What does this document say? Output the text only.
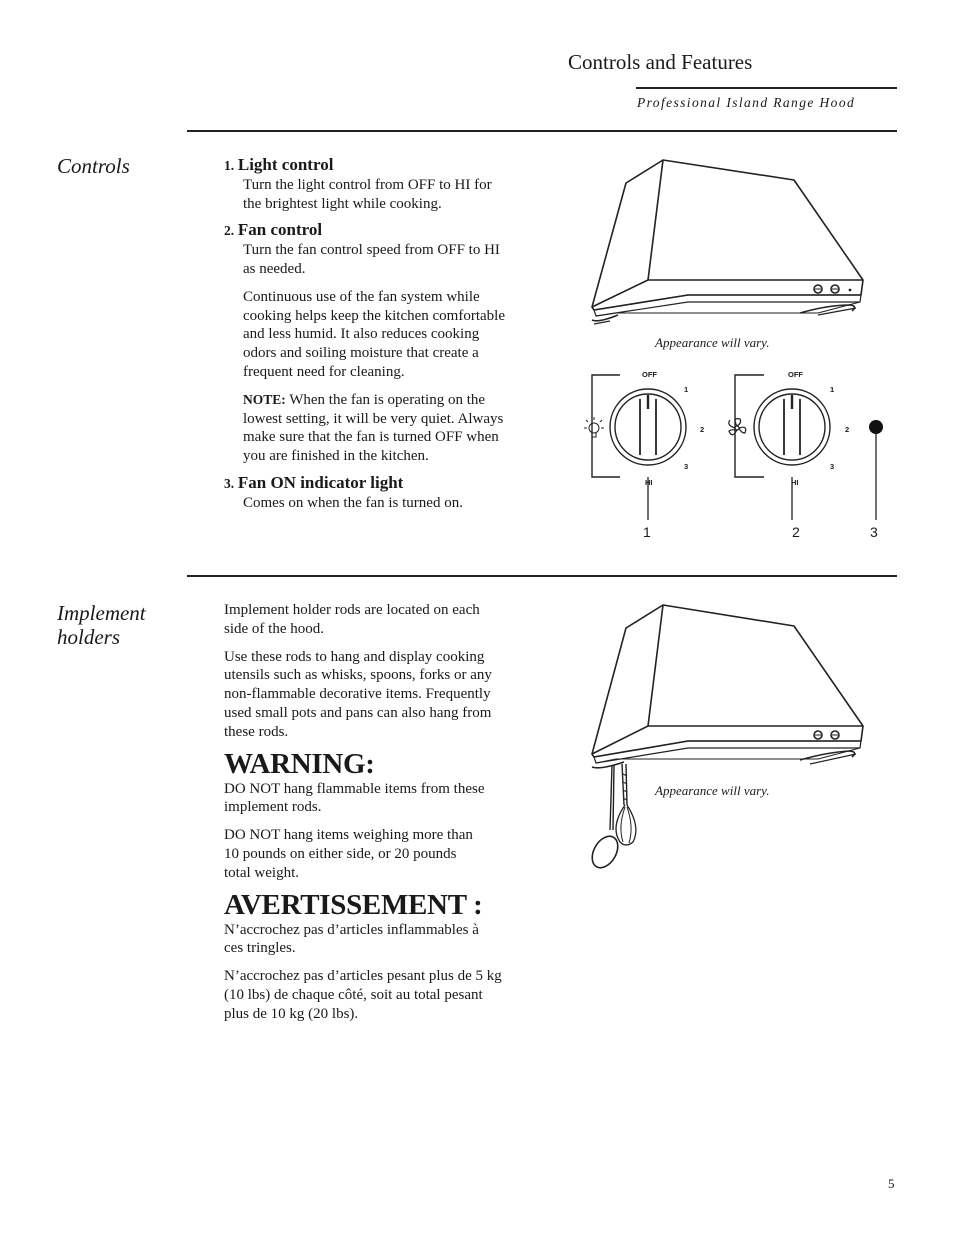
Controls and Features
Professional Island Range Hood
Controls	1. Light control

Turn the light control from OFF to HI for

the brightest light while cooking.

2. Fan control

Turn the fan control speed from OFF to HI

as needed.

Continuous use of the fan system while

cooking helps keep the kitchen comfortable

and less humid. It also reduces cooking

odors and soiling moisture that create a

frequent need for cleaning.

NOTE: When the fan is operating on the

lowest setting, it will be very quiet. Always

make sure that the fan is turned OFF when

you are finished in the kitchen.

3. Fan ON indicator light

Comes on when the fan is turned on.

Appearance will vary.
OFF
1
2
3
HI
OFF
1
2
3
HI
1	2	3
Implement
holders

Implement holder rods are located on each

side of the hood.

Use these rods to hang and display cooking

utensils such as whisks, spoons, forks or any

non-flammable decorative items. Frequently

used small pots and pans can also hang from

these rods.

WARNING:

DO NOT hang flammable items from these

implement rods.

DO NOT hang items weighing more than

10 pounds on either side, or 20 pounds

total weight.

AVERTISSEMENT :

N’accrochez pas d’articles inflammables à

ces tringles.

N’accrochez pas d’articles pesant plus de 5 kg

(10 lbs) de chaque côté, soit au total pesant

plus de 10 kg (20 lbs).

Appearance will vary.
5
